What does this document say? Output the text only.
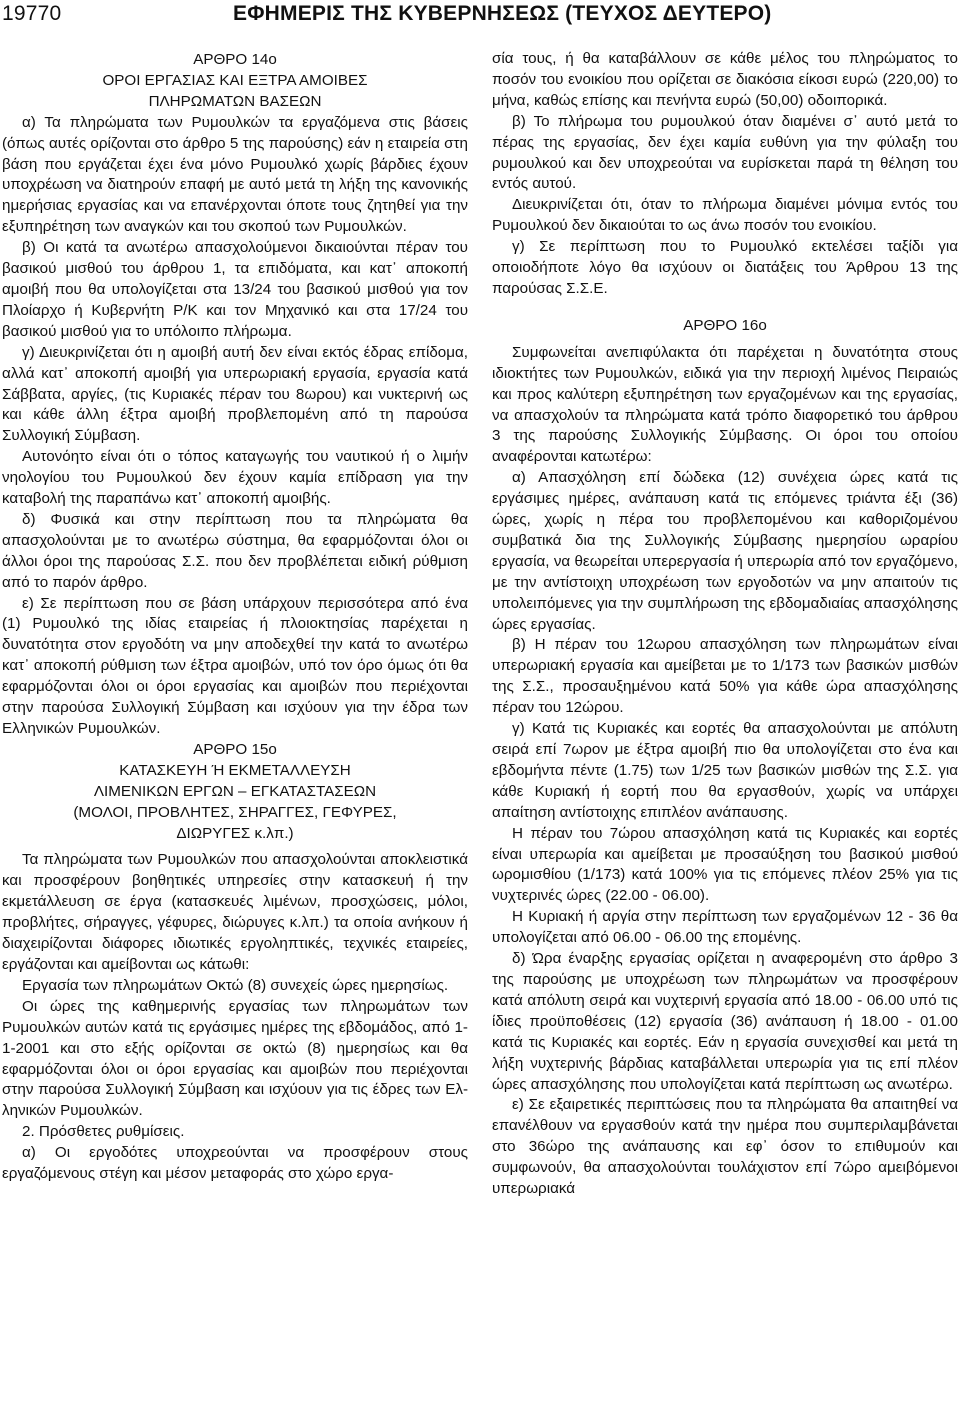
19770	ΕΦΗΜΕΡΙΣ ΤΗΣ ΚΥΒΕΡΝΗΣΕΩΣ (ΤΕΥΧΟΣ ΔΕΥΤΕΡΟ)
ΑΡΘΡΟ 14ο
ΟΡΟΙ ΕΡΓΑΣΙΑΣ ΚΑΙ ΕΞΤΡΑ ΑΜΟΙΒΕΣ
ΠΛΗΡΩΜΑΤΩΝ ΒΑΣΕΩΝ

α) Τα πληρώματα των Ρυμουλκών τα εργαζόμενα στις βάσεις (όπως αυτές ορίζονται στο άρθρο 5 της παρούσης) εάν η εταιρεία στη βάση που εργάζεται έχει ένα μόνο Ρυμουλκό χωρίς βάρδιες έχουν υποχρέωση να διατηρούν επαφή με αυτό μετά τη λήξη της κανονικής ημερήσιας εργασίας και να επανέρχονται όποτε τους ζητηθεί για την εξυπηρέτηση των αναγκών και του σκοπού των Ρυμουλκών.

β) Οι κατά τα ανωτέρω απασχολούμενοι δικαιούνται πέραν του βασικού μισθού του άρθρου 1, τα επιδόματα, και κατ᾽ αποκοπή αμοιβή που θα υπολογίζεται στα 13/24 του βασικού μισθού για τον Πλοίαρχο ή Κυβερνήτη Ρ/Κ και τον Μηχανικό και στα 17/24 του βασικού μισθού για το υπόλοιπο πλήρωμα.

γ) Διευκρινίζεται ότι η αμοιβή αυτή δεν είναι εκτός έδρας επίδομα, αλλά κατ᾽ αποκοπή αμοιβή για υπερωριακή εργασία, εργασία κατά Σάββατα, αργίες, (τις Κυριακές πέραν του 8ωρου) και νυκτερινή ως και κάθε άλλη έξτρα αμοιβή προβλεπομένη από τη παρούσα Συλλογική Σύμβαση.

Αυτονόητο είναι ότι ο τόπος καταγωγής του ναυτικού ή ο λιμήν νηολογίου του Ρυμουλκού δεν έχουν καμία επίδραση για την καταβολή της παραπάνω κατ᾽ αποκοπή αμοιβής.

δ) Φυσικά και στην περίπτωση που τα πληρώματα θα απασχολούνται με το ανωτέρω σύστημα, θα εφαρμόζονται όλοι οι άλλοι όροι της παρούσας Σ.Σ. που δεν προβλέπεται ειδική ρύθμιση από το παρόν άρθρο.

ε) Σε περίπτωση που σε βάση υπάρχουν περισσότερα από ένα (1) Ρυμουλκό της ιδίας εταιρείας ή πλοιοκτησίας παρέχεται η δυνατότητα στον εργοδότη να μην αποδεχθεί την κατά το ανωτέρω κατ᾽ αποκοπή ρύθμιση των έξτρα αμοιβών, υπό τον όρο όμως ότι θα εφαρμόζονται όλοι οι όροι εργασίας και αμοιβών που περιέχονται στην παρούσα Συλλογική Σύμβαση και ισχύουν για την έδρα των Ελληνικών Ρυμουλκών.

ΑΡΘΡΟ 15ο
ΚΑΤΑΣΚΕΥΗ Ή ΕΚΜΕΤΑΛΛΕΥΣΗ
ΛΙΜΕΝΙΚΩΝ ΕΡΓΩΝ – ΕΓΚΑΤΑΣΤΑΣΕΩΝ
(ΜΟΛΟΙ, ΠΡΟΒΛΗΤΕΣ, ΣΗΡΑΓΓΕΣ, ΓΕΦΥΡΕΣ,
ΔΙΩΡΥΓΕΣ κ.λπ.)

Τα πληρώματα των Ρυμουλκών που απασχολούνται αποκλειστικά και προσφέρουν βοηθητικές υπηρεσίες στην κατασκευή ή την εκμετάλλευση σε έργα (κατασκευές λιμένων, προσχώσεις, μόλοι, προβλήτες, σήραγγες, γέφυρες, διώρυγες κ.λπ.) τα οποία ανήκουν ή διαχειρίζονται διάφορες ιδιωτικές εργοληπτικές, τεχνικές εταιρείες, εργάζονται και αμείβονται ως κάτωθι:

Εργασία των πληρωμάτων Οκτώ (8) συνεχείς ώρες ημερησίως.

Οι ώρες της καθημερινής εργασίας των πληρωμάτων των Ρυμουλκών αυτών κατά τις εργάσιμες ημέρες της εβδομάδος, από 1-1-2001 και στο εξής ορίζονται σε οκτώ (8) ημερησίως και θα εφαρμόζονται όλοι οι όροι εργασίας και αμοιβών που περιέχονται στην παρούσα Συλλογική Σύμβαση και ισχύουν για τις έδρες των Ελληνικών Ρυμουλκών.

2. Πρόσθετες ρυθμίσεις.

α) Οι εργοδότες υποχρεούνται να προσφέρουν στους εργαζόμενους στέγη και μέσον μεταφοράς στο χώρο εργα-

σία τους, ή θα καταβάλλουν σε κάθε μέλος του πληρώματος το ποσόν του ενοικίου που ορίζεται σε διακόσια είκοσι ευρώ (220,00) το μήνα, καθώς επίσης και πενήντα ευρώ (50,00) οδοιπορικά.

β) Το πλήρωμα του ρυμουλκού όταν διαμένει σ᾽ αυτό μετά το πέρας της εργασίας, δεν έχει καμία ευθύνη για την φύλαξη του ρυμουλκού και δεν υποχρεούται να ευρίσκεται παρά τη θέληση του εντός αυτού.

Διευκρινίζεται ότι, όταν το πλήρωμα διαμένει μόνιμα εντός του Ρυμουλκού δεν δικαιούται το ως άνω ποσόν του ενοικίου.

γ) Σε περίπτωση που το Ρυμουλκό εκτελέσει ταξίδι για οποιοδήποτε λόγο θα ισχύουν οι διατάξεις του Άρθρου 13 της παρούσας Σ.Σ.Ε.

ΑΡΘΡΟ 16ο

Συμφωνείται ανεπιφύλακτα ότι παρέχεται η δυνατότητα στους ιδιοκτήτες των Ρυμουλκών, ειδικά για την περιοχή λιμένος Πειραιώς και προς καλύτερη εξυπηρέτηση των εργαζομένων και της εργασίας, να απασχολούν τα πληρώματα κατά τρόπο διαφορετικό του άρθρου 3 της παρούσης Συλλογικής Σύμβασης. Οι όροι του οποίου αναφέρονται κατωτέρω:

α) Απασχόληση επί δώδεκα (12) συνέχεια ώρες κατά τις εργάσιμες ημέρες, ανάπαυση κατά τις επόμενες τριάντα έξι (36) ώρες, χωρίς η πέρα του προβλεπομένου και καθοριζομένου συμβατικά δια της Συλλογικής Σύμβασης ημερησίου ωραρίου εργασία, να θεωρείται υπερεργασία ή υπερωρία από τον εργαζόμενο, με την αντίστοιχη υποχρέωση των εργοδοτών να μην απαιτούν τις υπολειπόμενες για την συμπλήρωση της εβδομαδιαίας απασχόλησης ώρες εργασίας.

β) Η πέραν του 12ωρου απασχόληση των πληρωμάτων είναι υπερωριακή εργασία και αμείβεται με το 1/173 των βασικών μισθών της Σ.Σ., προσαυξημένου κατά 50% για κάθε ώρα απασχόλησης πέραν του 12ώρου.

γ) Κατά τις Κυριακές και εορτές θα απασχολούνται με απόλυτη σειρά επί 7ωρον με έξτρα αμοιβή πιο θα υπολογίζεται στο ένα και εβδομήντα πέντε (1.75) των 1/25 των βασικών μισθών της Σ.Σ. για κάθε Κυριακή ή εορτή που θα εργασθούν, χωρίς να υπάρχει απαίτηση αντίστοιχης επιπλέον ανάπαυσης.

Η πέραν του 7ώρου απασχόληση κατά τις Κυριακές και εορτές είναι υπερωρία και αμείβεται με προσαύξηση του βασικού μισθού ωρομισθίου (1/173) κατά 100% για τις επόμενες πλέον 25% για τις νυχτερινές ώρες (22.00 - 06.00).

Η Κυριακή ή αργία στην περίπτωση των εργαζομένων 12 - 36 θα υπολογίζεται από 06.00 - 06.00 της επομένης.

δ) Ώρα έναρξης εργασίας ορίζεται η αναφερομένη στο άρθρο 3 της παρούσης με υποχρέωση των πληρωμάτων να προσφέρουν κατά απόλυτη σειρά και νυχτερινή εργασία από 18.00 - 06.00 υπό τις ίδιες προϋποθέσεις (12) εργασία (36) ανάπαυση ή 18.00 - 01.00 κατά τις Κυριακές και εορτές. Εάν η εργασία συνεχισθεί και μετά τη λήξη νυχτερινής βάρδιας καταβάλλεται υπερωρία για τις επί πλέον ώρες απασχόλησης που υπολογίζεται κατά περίπτωση ως ανωτέρω.

ε) Σε εξαιρετικές περιπτώσεις που τα πληρώματα θα απαιτηθεί να επανέλθουν να εργασθούν κατά την ημέρα που συμπεριλαμβάνεται στο 36ώρο της ανάπαυσης και εφ᾽ όσον το επιθυμούν και συμφωνούν, θα απασχολούνται τουλάχιστον επί 7ώρο αμειβόμενοι υπερωριακά
